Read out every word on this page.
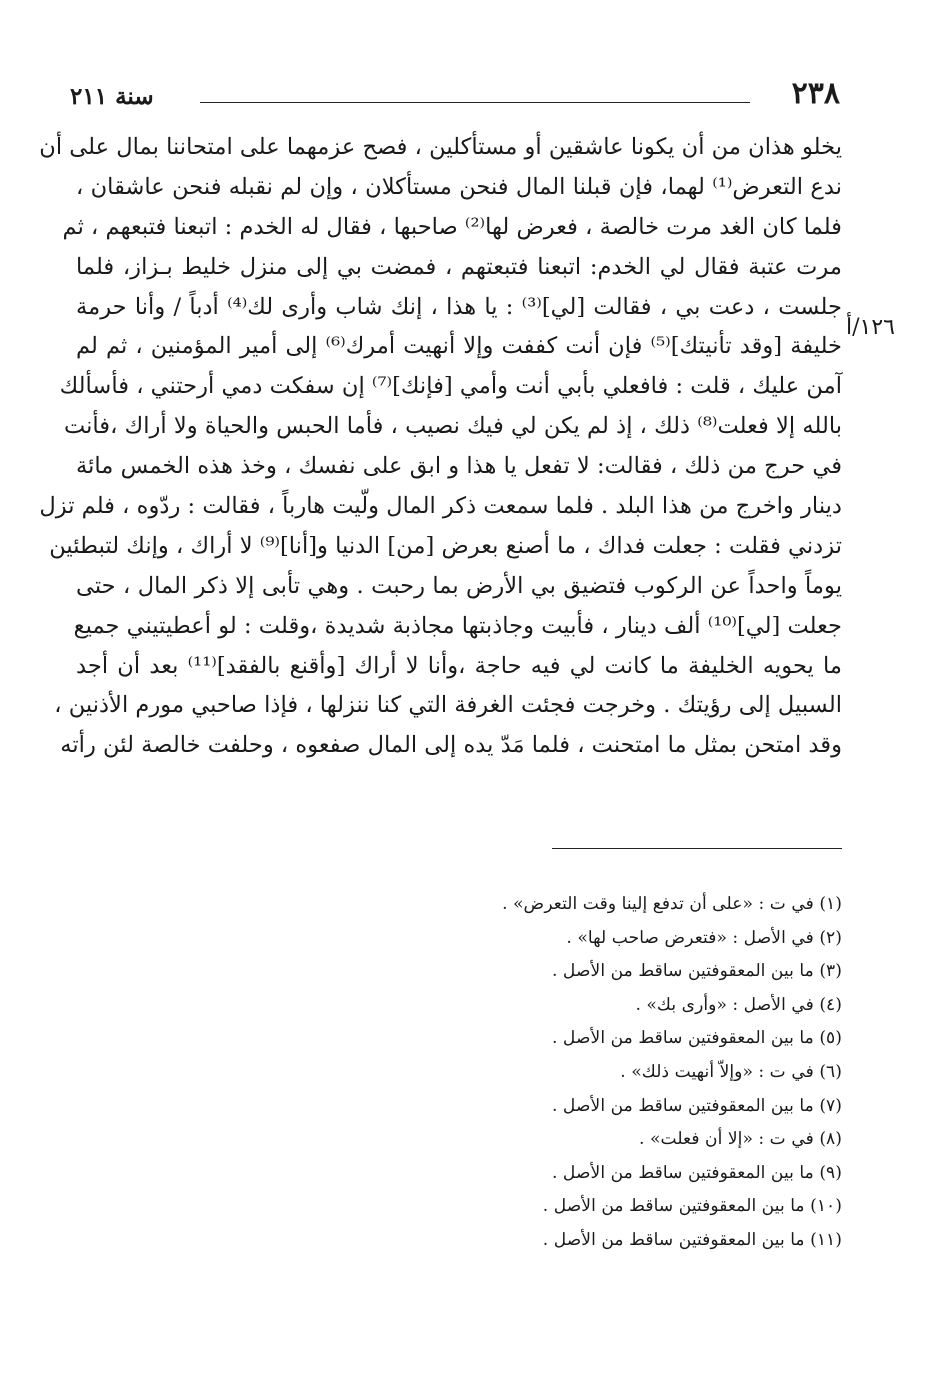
٢٣٨
سنة ٢١١
١٢٦/أ
يخلو هذان من أن يكونا عاشقين أو مستأكلين ، فصح عزمهما على امتحاننا بمال على أن
ندع التعرض⁽¹⁾ لهما، فإن قبلنا المال فنحن مستأكلان ، وإن لم نقبله فنحن عاشقان ،
فلما كان الغد مرت خالصة ، فعرض لها⁽²⁾ صاحبها ، فقال له الخدم : اتبعنا فتبعهم ، ثم
مرت عتبة فقال لي الخدم: اتبعنا فتبعتهم ، فمضت بي إلى منزل خليط بـزاز، فلما
جلست ، دعت بي ، فقالت [لي]⁽³⁾ : يا هذا ، إنك شاب وأرى لك⁽⁴⁾ أدباً / وأنا حرمة
خليفة [وقد تأنيتك]⁽⁵⁾ فإن أنت كففت وإلا أنهيت أمرك⁽⁶⁾ إلى أمير المؤمنين ، ثم لم
آمن عليك ، قلت : فافعلي بأبي أنت وأمي [فإنك]⁽⁷⁾ إن سفكت دمي أرحتني ، فأسألك
بالله إلا فعلت⁽⁸⁾ ذلك ، إذ لم يكن لي فيك نصيب ، فأما الحبس والحياة ولا أراك ،فأنت
في حرج من ذلك ، فقالت: لا تفعل يا هذا و ابق على نفسك ، وخذ هذه الخمس مائة
دينار واخرج من هذا البلد . فلما سمعت ذكر المال ولّيت هارباً ، فقالت : ردّوه ، فلم تزل
تزدني فقلت : جعلت فداك ، ما أصنع بعرض [من] الدنيا و[أنا]⁽⁹⁾ لا أراك ، وإنك لتبطئين
يوماً واحداً عن الركوب فتضيق بي الأرض بما رحبت . وهي تأبى إلا ذكر المال ، حتى
جعلت [لي]⁽¹⁰⁾ ألف دينار ، فأبيت وجاذبتها مجاذبة شديدة ،وقلت : لو أعطيتيني جميع
ما يحويه الخليفة ما كانت لي فيه حاجة ،وأنا لا أراك [وأقنع بالفقد]⁽¹¹⁾ بعد أن أجد
السبيل إلى رؤيتك . وخرجت فجئت الغرفة التي كنا ننزلها ، فإذا صاحبي مورم الأذنين ،
وقد امتحن بمثل ما امتحنت ، فلما مَدّ يده إلى المال صفعوه ، وحلفت خالصة لئن رأته
(١) في ت : «على أن تدفع إلينا وقت التعرض» .
(٢) في الأصل : «فتعرض صاحب لها» .
(٣) ما بين المعقوفتين ساقط من الأصل .
(٤) في الأصل : «وأرى بك» .
(٥) ما بين المعقوفتين ساقط من الأصل .
(٦) في ت : «وإلاّ أنهيت ذلك» .
(٧) ما بين المعقوفتين ساقط من الأصل .
(٨) في ت : «إلا أن فعلت» .
(٩) ما بين المعقوفتين ساقط من الأصل .
(١٠) ما بين المعقوفتين ساقط من الأصل .
(١١) ما بين المعقوفتين ساقط من الأصل .
